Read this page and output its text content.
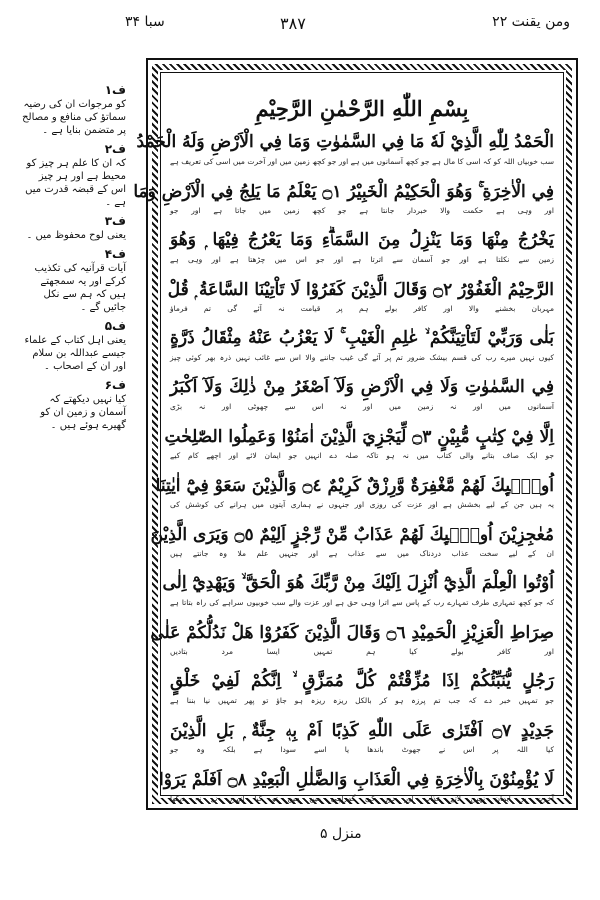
سبا ۳۴	۳۸۷	ومن یقنت ۲۲
ف۱
کو مرجوات ان کی رضیہ سماتؤ کی منافع و مصالح پر متضمن بنایا ہے ۔
ف۲
کہ ان کا علم ہر چیز کو محیط ہے اور ہر چیز اس کے قبضہ قدرت میں ہے ۔
ف۳
یعنی لوح محفوظ میں ۔
ف۴
آیات قرآنیہ کی تکذیب کرکے اور یہ سمجھتے ہیں کہ ہم سے نکل جائیں گے ۔
ف۵
یعنی اہل کتاب کے علماء جیسے عبداللہ بن سلام اور ان کے اصحاب ۔
ف۶
کیا نہیں دیکھتے کہ آسمان و زمین ان کو گھیرے ہوئے ہیں ۔
بِسْمِ اللّٰهِ الرَّحْمٰنِ الرَّحِيْمِ
الْحَمْدُ لِلّٰهِ الَّذِيْ لَهٗ مَا فِي السَّمٰوٰتِ وَمَا فِي الْاَرْضِ وَلَهُ الْحَمْدُ
سب خوبیاں اللہ کو کہ اسی کا مال ہے جو کچھ آسمانوں میں ہے اور جو کچھ زمین میں اور آخرت میں اسی کی تعریف ہے
فِي الْاٰخِرَةِ ۚ وَهُوَ الْحَكِيْمُ الْخَبِيْرُ ۝١ يَعْلَمُ مَا يَلِجُ فِي الْاَرْضِ وَمَا
اور وہی ہے حکمت والا خبردار جانتا ہے جو کچھ زمین میں جاتا ہے اور جو
يَخْرُجُ مِنْهَا وَمَا يَنْزِلُ مِنَ السَّمَاۗءِ وَمَا يَعْرُجُ فِيْهَا ۭ وَهُوَ
زمین سے نکلتا ہے اور جو آسمان سے اترتا ہے اور جو اس میں چڑھتا ہے اور وہی ہے
الرَّحِيْمُ الْغَفُوْرُ ۝٢ وَقَالَ الَّذِيْنَ كَفَرُوْا لَا تَاْتِيْنَا السَّاعَةُ ۭ قُلْ
مہربان بخشنے والا اور کافر بولے ہم پر قیامت نہ آئے گی تم فرماؤ
بَلٰى وَرَبِّيْ لَتَاْتِيَنَّكُمْ ۙ عٰلِمِ الْغَيْبِ ۚ لَا يَعْزُبُ عَنْهُ مِثْقَالُ ذَرَّةٍ
کیوں نہیں میرے رب کی قسم بیشک ضرور تم پر آئے گی غیب جاننے والا اس سے غائب نہیں ذرہ بھر کوئی چیز
فِي السَّمٰوٰتِ وَلَا فِي الْاَرْضِ وَلَآ اَصْغَرُ مِنْ ذٰلِكَ وَلَآ اَكْبَرُ
آسمانوں میں اور نہ زمین میں اور نہ اس سے چھوٹی اور نہ بڑی
اِلَّا فِيْ كِتٰبٍ مُّبِيْنٍ ۝٣ لِّيَجْزِيَ الَّذِيْنَ اٰمَنُوْا وَعَمِلُوا الصّٰلِحٰتِ
جو ایک صاف بتانے والی کتاب میں نہ ہو تاکہ صلہ دے انہیں جو ایمان لائے اور اچھے کام کیے
اُولٰۗىِٕكَ لَهُمْ مَّغْفِرَةٌ وَّرِزْقٌ كَرِيْمٌ ۝٤ وَالَّذِيْنَ سَعَوْ فِيْٓ اٰيٰتِنَا
یہ ہیں جن کے لیے بخشش ہے اور عزت کی روزی اور جنہوں نے ہماری آیتوں میں ہرانے کی کوشش کی
مُعٰجِزِيْنَ اُولٰۗىِٕكَ لَهُمْ عَذَابٌ مِّنْ رِّجْزٍ اَلِيْمٌ ۝٥ وَيَرَى الَّذِيْنَ
ان کے لیے سخت عذاب دردناک میں سے عذاب ہے اور جنہیں علم ملا وہ جانتے ہیں
اُوْتُوا الْعِلْمَ الَّذِيْٓ اُنْزِلَ اِلَيْكَ مِنْ رَّبِّكَ هُوَ الْحَقَّ ۙ وَيَهْدِيْٓ اِلٰى
کہ جو کچھ تمہاری طرف تمہارے رب کے پاس سے اترا وہی حق ہے اور عزت والے سب خوبیوں سراہے کی راہ بتاتا ہے
صِرَاطِ الْعَزِيْزِ الْحَمِيْدِ ۝٦ وَقَالَ الَّذِيْنَ كَفَرُوْا هَلْ نَدُلُّكُمْ عَلٰى
اور کافر بولے کیا ہم تمہیں ایسا مرد بتادیں
رَجُلٍ يُّنَبِّئُكُمْ اِذَا مُزِّقْتُمْ كُلَّ مُمَزَّقٍ ۙ اِنَّكُمْ لَفِيْ خَلْقٍ
جو تمہیں خبر دے کہ جب تم پرزہ ہو کر بالکل ریزہ ریزہ ہو جاؤ تو پھر تمہیں نیا بننا ہے
جَدِيْدٍ ۝٧ اَفْتَرٰى عَلَى اللّٰهِ كَذِبًا اَمْ بِهٖ جِنَّةٌ ۭ بَلِ الَّذِيْنَ
کیا اللہ پر اس نے جھوٹ باندھا یا اسے سودا ہے بلکہ وہ جو
لَا يُؤْمِنُوْنَ بِالْاٰخِرَةِ فِي الْعَذَابِ وَالضَّلٰلِ الْبَعِيْدِ ۝٨ اَفَلَمْ يَرَوْا
آخرت پر ایمان نہیں لاتے عذاب اور دور کی گمراہی میں ہیں تو کیا انہوں نے نہ دیکھا
منزل ۵
